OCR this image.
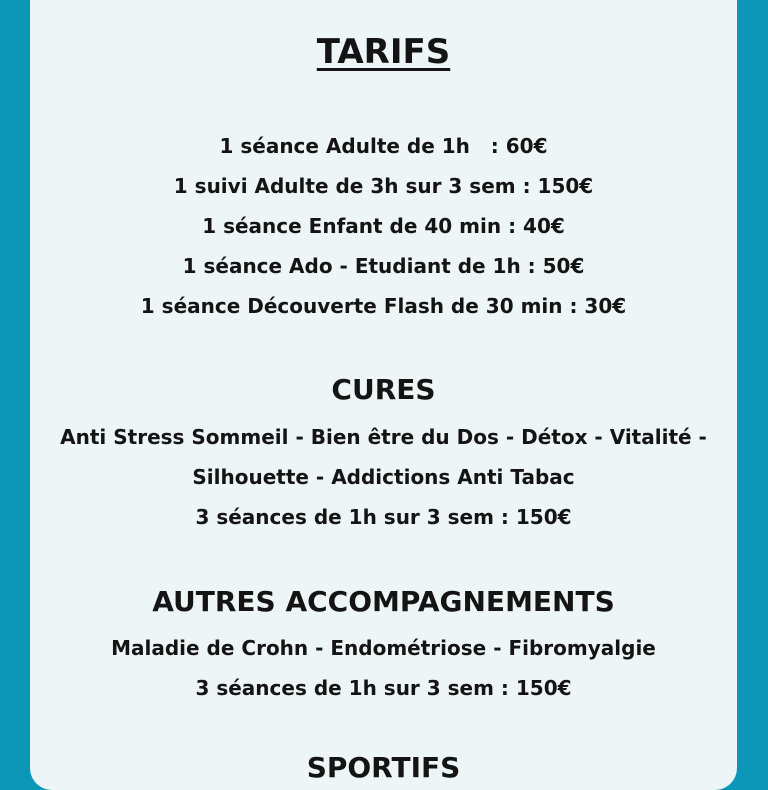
TARIFS
1 séance Adulte de 1h   : 60€
1 suivi Adulte de 3h sur 3 sem : 150€
1 séance Enfant de 40 min : 40€
1 séance Ado - Etudiant de 1h : 50€
1 séance Découverte Flash de 30 min : 30€
CURES
Anti Stress Sommeil - Bien être du Dos - Détox - Vitalité -
Silhouette - Addictions Anti Tabac
3 séances de 1h sur 3 sem : 150€
AUTRES ACCOMPAGNEMENTS
Maladie de Crohn - Endométriose - Fibromyalgie
3 séances de 1h sur 3 sem : 150€
SPORTIFS
